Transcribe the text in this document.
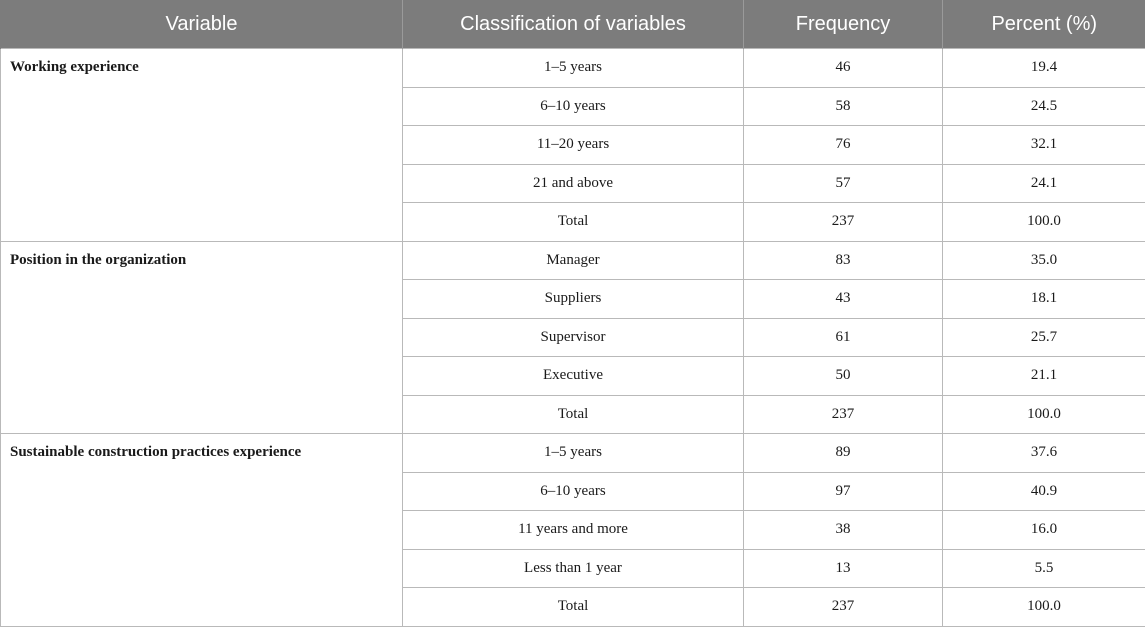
Variable	Classification of variables	Frequency	Percent (%)
Working experience	1–5 years	46	19.4
	6–10 years	58	24.5
	11–20 years	76	32.1
	21 and above	57	24.1
	Total	237	100.0
Position in the organization	Manager	83	35.0
	Suppliers	43	18.1
	Supervisor	61	25.7
	Executive	50	21.1
	Total	237	100.0
Sustainable construction practices experience	1–5 years	89	37.6
	6–10 years	97	40.9
	11 years and more	38	16.0
	Less than 1 year	13	5.5
	Total	237	100.0
